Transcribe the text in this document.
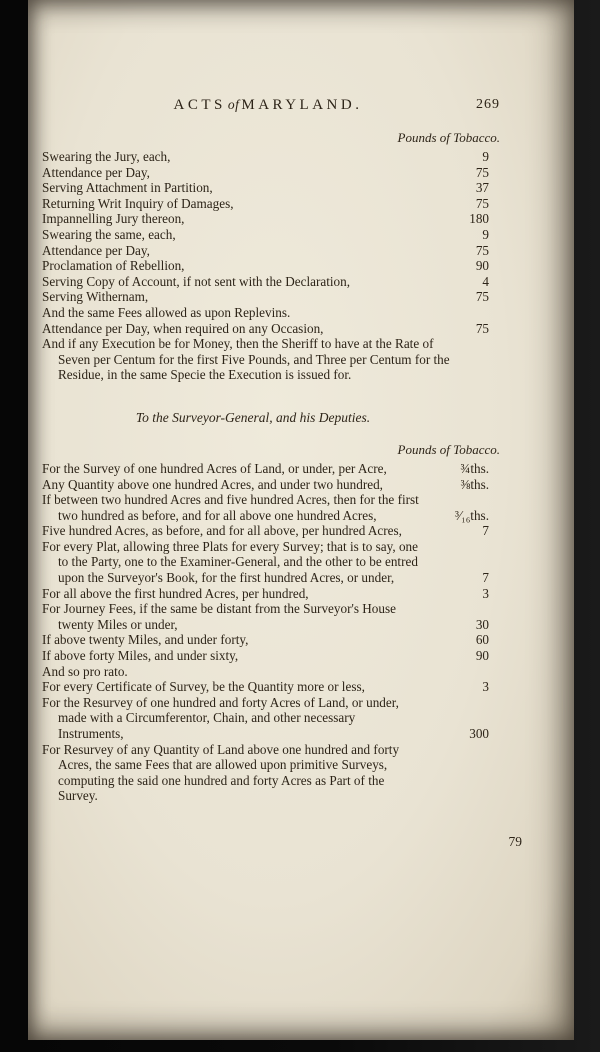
ACTS of MARYLAND.	269
Pounds of Tobacco.
Swearing the Jury, each,	9
Attendance per Day,	75
Serving Attachment in Partition,	37
Returning Writ Inquiry of Damages,	75
Impannelling Jury thereon,	180
Swearing the same, each,	9
Attendance per Day,	75
Proclamation of Rebellion,	90
Serving Copy of Account, if not sent with the Declaration,	4
Serving Withernam,	75
And the same Fees allowed as upon Replevins.
Attendance per Day, when required on any Occasion,	75
And if any Execution be for Money, then the Sheriff to have at the Rate of Seven per Centum for the first Five Pounds, and Three per Centum for the Residue, in the same Specie the Execution is issued for.
To the Surveyor-General, and his Deputies.
Pounds of Tobacco.
For the Survey of one hundred Acres of Land, or under, per Acre,	¾ths.
Any Quantity above one hundred Acres, and under two hundred,	⅜ths.
If between two hundred Acres and five hundred Acres, then for the first two hundred as before, and for all above one hundred Acres,	³⁄₁₆ths.
Five hundred Acres, as before, and for all above, per hundred Acres,	7
For every Plat, allowing three Plats for every Survey; that is to say, one to the Party, one to the Examiner-General, and the other to be entred upon the Surveyor's Book, for the first hundred Acres, or under,	7
For all above the first hundred Acres, per hundred,	3
For Journey Fees, if the same be distant from the Surveyor's House twenty Miles or under,	30
If above twenty Miles, and under forty,	60
If above forty Miles, and under sixty,	90
And so pro rato.
For every Certificate of Survey, be the Quantity more or less,	3
For the Resurvey of one hundred and forty Acres of Land, or under, made with a Circumferentor, Chain, and other necessary Instruments,	300
For Resurvey of any Quantity of Land above one hundred and forty Acres, the same Fees that are allowed upon primitive Surveys, computing the said one hundred and forty Acres as Part of the Survey.
79
